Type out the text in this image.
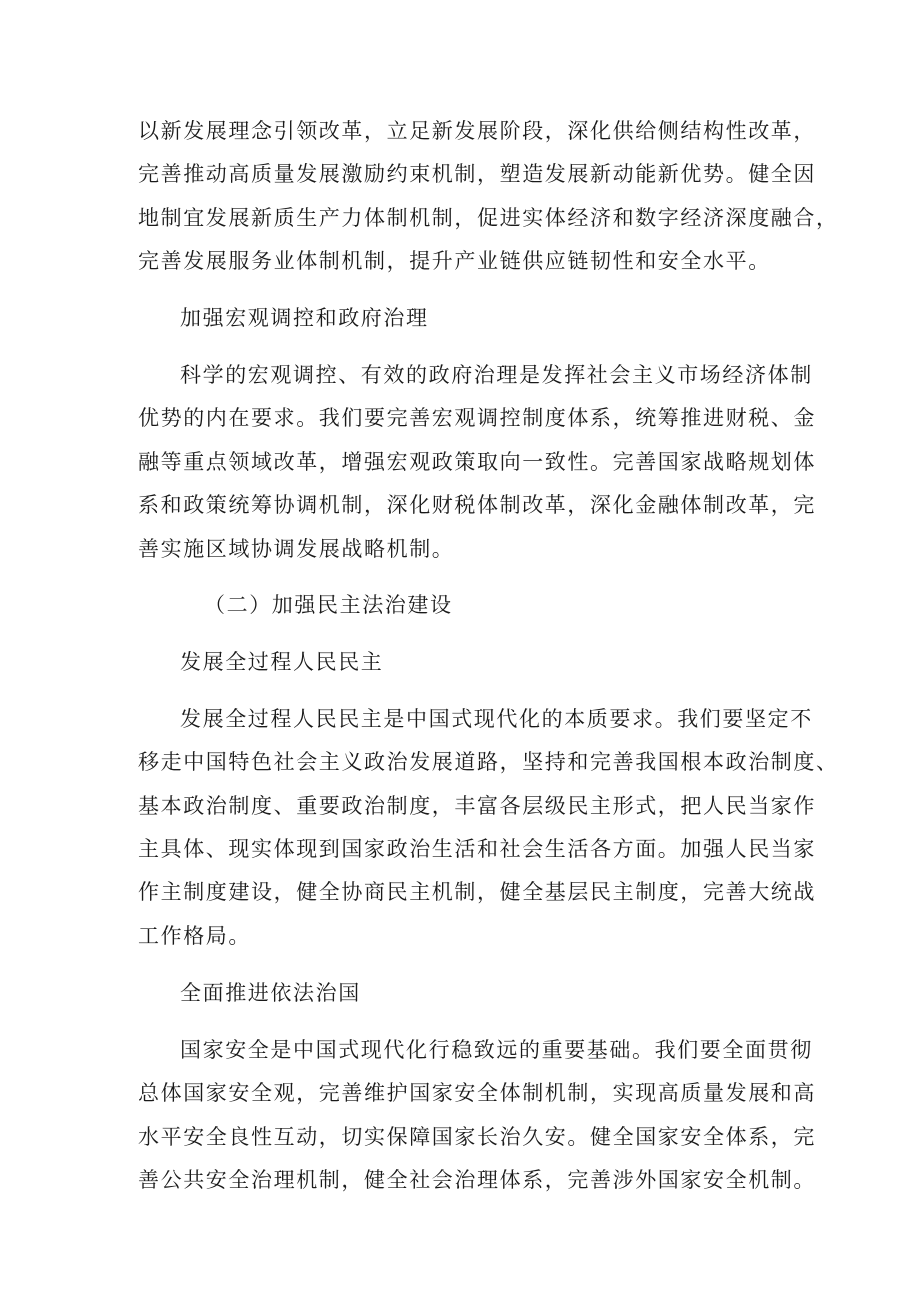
以新发展理念引领改革，立足新发展阶段，深化供给侧结构性改革，
完善推动高质量发展激励约束机制，塑造发展新动能新优势。健全因
地制宜发展新质生产力体制机制，促进实体经济和数字经济深度融合，
完善发展服务业体制机制，提升产业链供应链韧性和安全水平。
加强宏观调控和政府治理
科学的宏观调控、有效的政府治理是发挥社会主义市场经济体制
优势的内在要求。我们要完善宏观调控制度体系，统筹推进财税、金
融等重点领域改革，增强宏观政策取向一致性。完善国家战略规划体
系和政策统筹协调机制，深化财税体制改革，深化金融体制改革，完
善实施区域协调发展战略机制。
（二）加强民主法治建设
发展全过程人民民主
发展全过程人民民主是中国式现代化的本质要求。我们要坚定不
移走中国特色社会主义政治发展道路，坚持和完善我国根本政治制度、
基本政治制度、重要政治制度，丰富各层级民主形式，把人民当家作
主具体、现实体现到国家政治生活和社会生活各方面。加强人民当家
作主制度建设，健全协商民主机制，健全基层民主制度，完善大统战
工作格局。
全面推进依法治国
国家安全是中国式现代化行稳致远的重要基础。我们要全面贯彻
总体国家安全观，完善维护国家安全体制机制，实现高质量发展和高
水平安全良性互动，切实保障国家长治久安。健全国家安全体系，完
善公共安全治理机制，健全社会治理体系，完善涉外国家安全机制。
